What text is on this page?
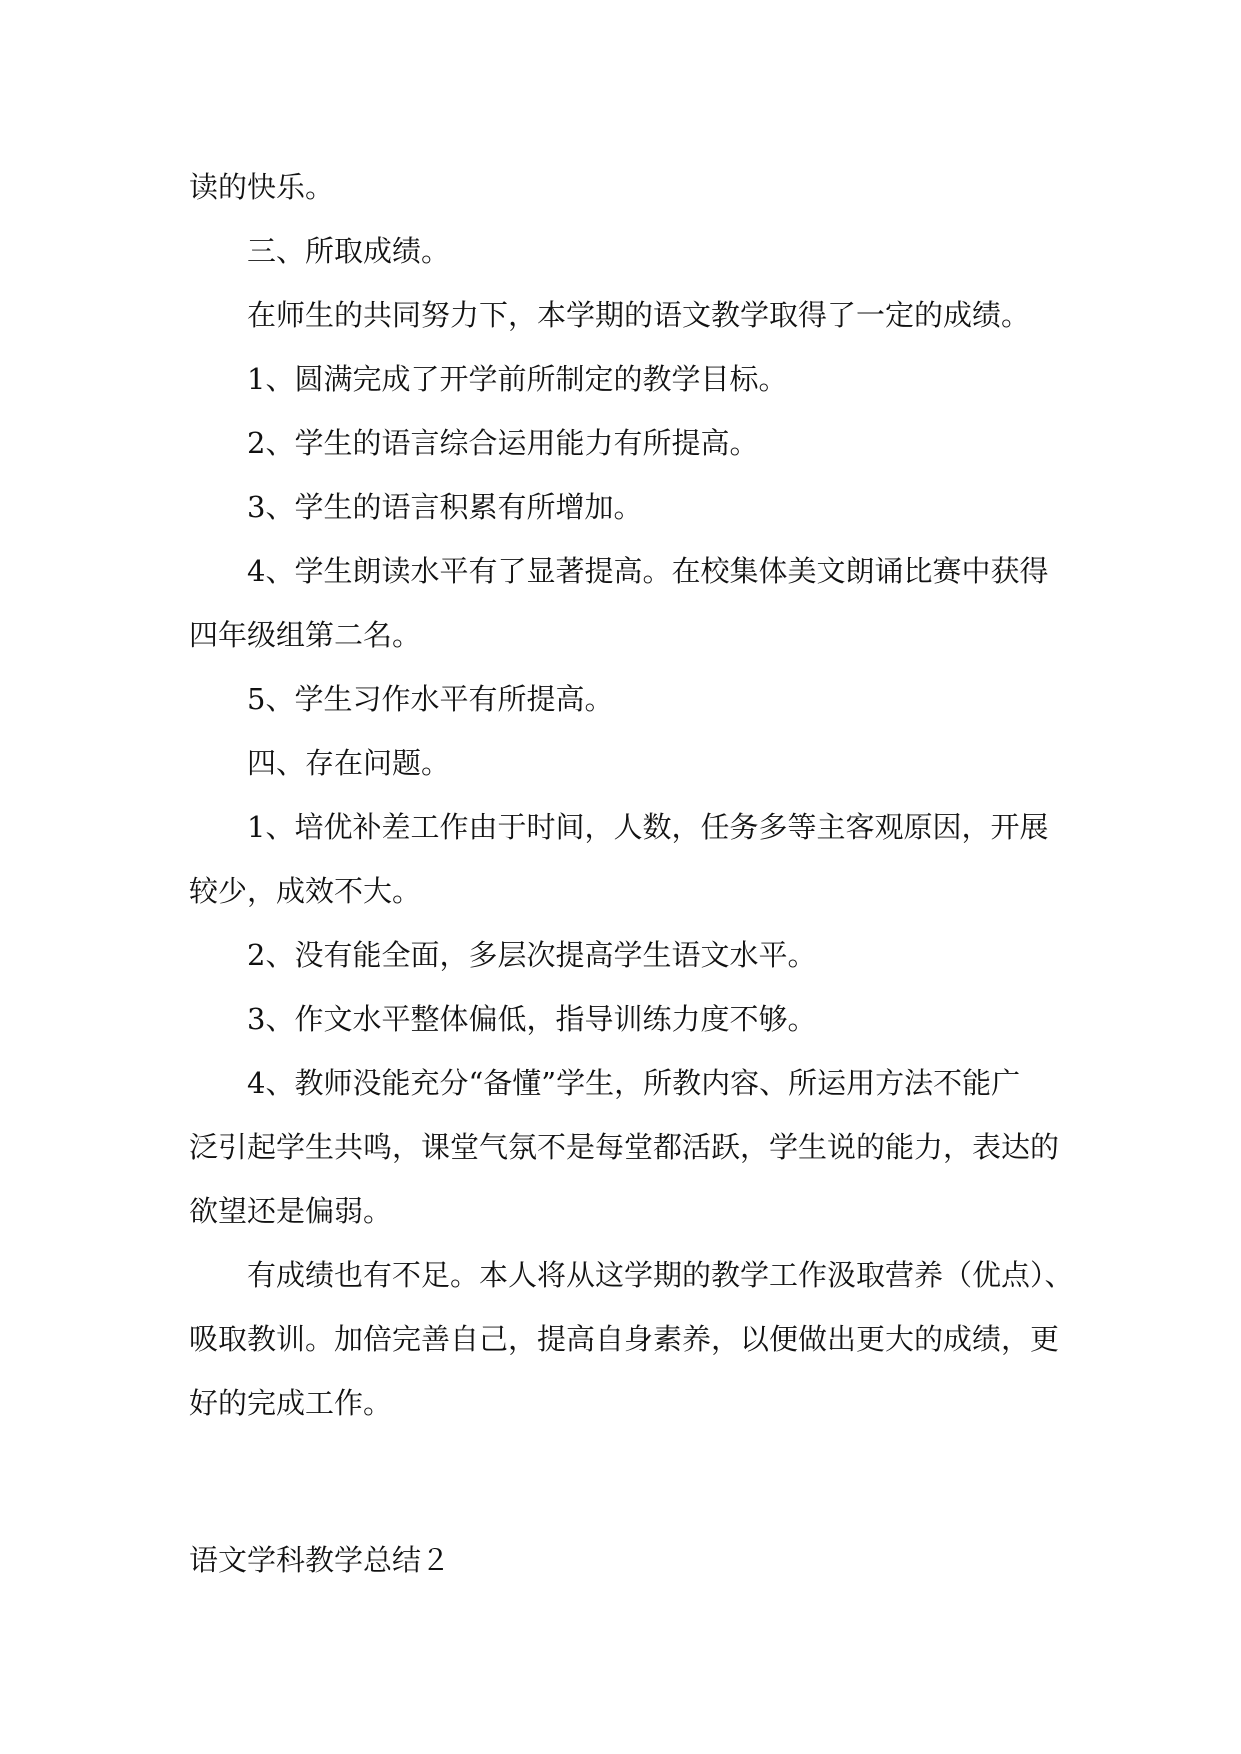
读的快乐。
三、所取成绩。
在师生的共同努力下，本学期的语文教学取得了一定的成绩。
1、圆满完成了开学前所制定的教学目标。
2、学生的语言综合运用能力有所提高。
3、学生的语言积累有所增加。
4、学生朗读水平有了显著提高。在校集体美文朗诵比赛中获得
四年级组第二名。
5、学生习作水平有所提高。
四、存在问题。
1、培优补差工作由于时间，人数，任务多等主客观原因，开展
较少，成效不大。
2、没有能全面，多层次提高学生语文水平。
3、作文水平整体偏低，指导训练力度不够。
4、教师没能充分“备懂”学生，所教内容、所运用方法不能广
泛引起学生共鸣，课堂气氛不是每堂都活跃，学生说的能力，表达的
欲望还是偏弱。
有成绩也有不足。本人将从这学期的教学工作汲取营养（优点）、
吸取教训。加倍完善自己，提高自身素养，以便做出更大的成绩，更
好的完成工作。
语文学科教学总结２
